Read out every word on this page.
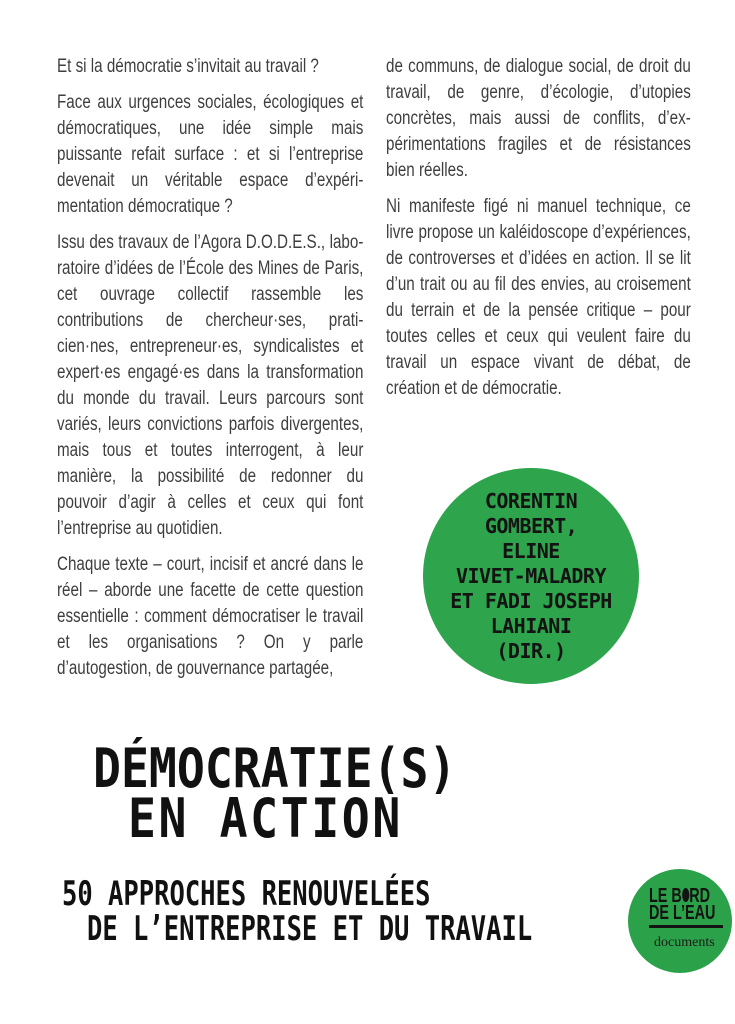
Et si la démocratie s’invitait au travail ?

Face aux urgences sociales, écologiques et démocratiques, une idée simple mais puissante refait surface : et si l’entreprise devenait un véritable espace d’expérimentation démocratique ?

Issu des travaux de l’Agora D.O.D.E.S., laboratoire d’idées de l’École des Mines de Paris, cet ouvrage collectif rassemble les contributions de chercheur·ses, praticien·nes, entrepreneur·es, syndicalistes et expert·es engagé·es dans la transformation du monde du travail. Leurs parcours sont variés, leurs convictions parfois divergentes, mais tous et toutes interrogent, à leur manière, la possibilité de redonner du pouvoir d’agir à celles et ceux qui font l’entreprise au quotidien.

Chaque texte – court, incisif et ancré dans le réel – aborde une facette de cette question essentielle : comment démocratiser le travail et les organisations ? On y parle d’autogestion, de gouvernance partagée,

de communs, de dialogue social, de droit du travail, de genre, d’écologie, d’utopies concrètes, mais aussi de conflits, d’expérimentations fragiles et de résistances bien réelles.

Ni manifeste figé ni manuel technique, ce livre propose un kaléidoscope d’expériences, de controverses et d’idées en action. Il se lit d’un trait ou au fil des envies, au croisement du terrain et de la pensée critique – pour toutes celles et ceux qui veulent faire du travail un espace vivant de débat, de création et de démocratie.

CORENTIN
GOMBERT,
ELINE
VIVET-MALADRY
ET FADI JOSEPH
LAHIANI
(DIR.)
DÉMOCRATIE(S)
EN ACTION
50 APPROCHES RENOUVELÉES
DE L’ENTREPRISE ET DU TRAVAIL
LE B RD
DE L’EAU
documents
